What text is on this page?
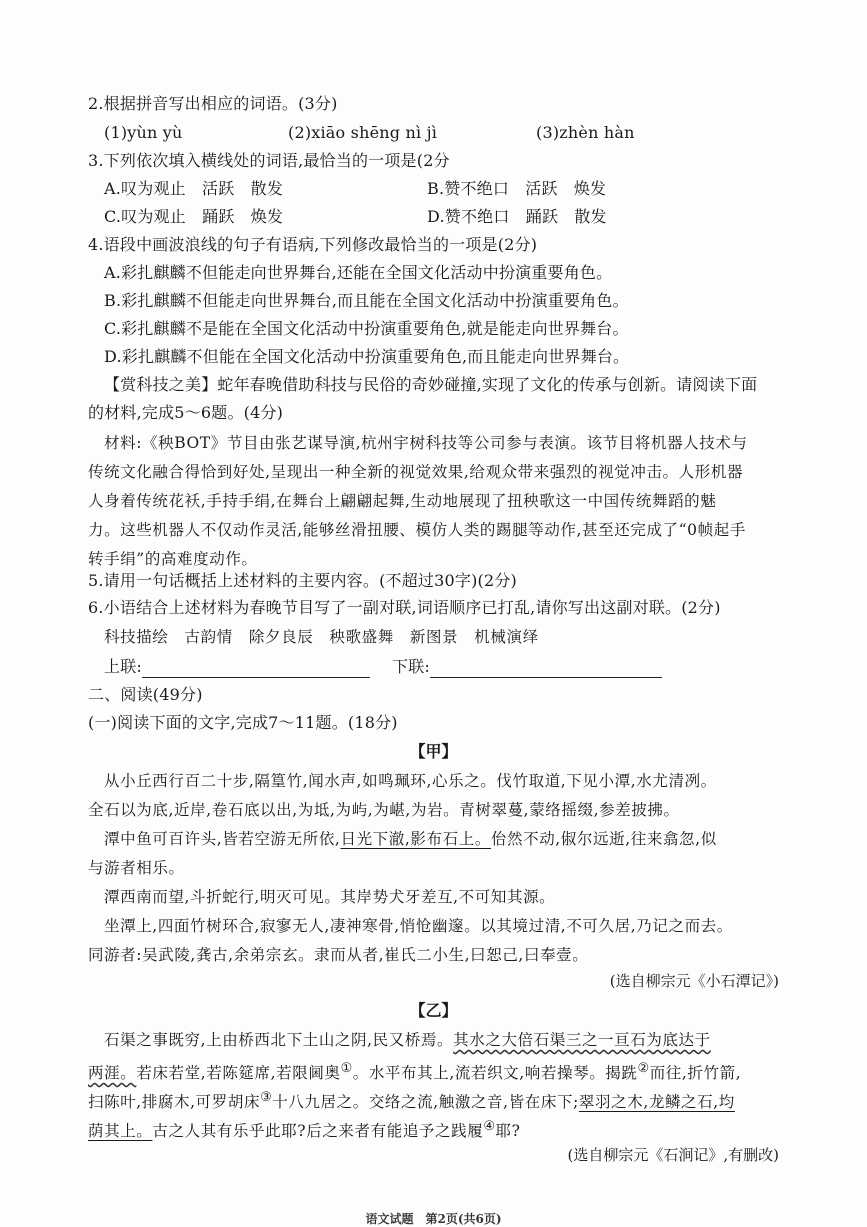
2.根据拼音写出相应的词语。(3分)
(1)yùn yù	(2)xiāo shēng nì jì	(3)zhèn hàn
3.下列依次填入横线处的词语,最恰当的一项是(2分
A.叹为观止　活跃　散发	B.赞不绝口　活跃　焕发
C.叹为观止　踊跃　焕发	D.赞不绝口　踊跃　散发
4.语段中画波浪线的句子有语病,下列修改最恰当的一项是(2分)
A.彩扎麒麟不但能走向世界舞台,还能在全国文化活动中扮演重要角色。
B.彩扎麒麟不但能走向世界舞台,而且能在全国文化活动中扮演重要角色。
C.彩扎麒麟不是能在全国文化活动中扮演重要角色,就是能走向世界舞台。
D.彩扎麒麟不但能在全国文化活动中扮演重要角色,而且能走向世界舞台。
【赏科技之美】蛇年春晚借助科技与民俗的奇妙碰撞,实现了文化的传承与创新。请阅读下面
的材料,完成5～6题。(4分)
材料:《秧BOT》节目由张艺谋导演,杭州宇树科技等公司参与表演。该节目将机器人技术与
传统文化融合得恰到好处,呈现出一种全新的视觉效果,给观众带来强烈的视觉冲击。人形机器
人身着传统花袄,手持手绢,在舞台上翩翩起舞,生动地展现了扭秧歌这一中国传统舞蹈的魅
力。这些机器人不仅动作灵活,能够丝滑扭腰、模仿人类的踢腿等动作,甚至还完成了“0帧起手
转手绢”的高难度动作。
5.请用一句话概括上述材料的主要内容。(不超过30字)(2分)
6.小语结合上述材料为春晚节目写了一副对联,词语顺序已打乱,请你写出这副对联。(2分)
科技描绘　古韵情　除夕良辰　秧歌盛舞　新图景　机械演绎
上联:	下联:
二、阅读(49分)
(一)阅读下面的文字,完成7～11题。(18分)
【甲】
从小丘西行百二十步,隔篁竹,闻水声,如鸣珮环,心乐之。伐竹取道,下见小潭,水尤清冽。
全石以为底,近岸,卷石底以出,为坻,为屿,为嵁,为岩。青树翠蔓,蒙络摇缀,参差披拂。
潭中鱼可百许头,皆若空游无所依,日光下澈,影布石上。佁然不动,俶尔远逝,往来翕忽,似
与游者相乐。
潭西南而望,斗折蛇行,明灭可见。其岸势犬牙差互,不可知其源。
坐潭上,四面竹树环合,寂寥无人,凄神寒骨,悄怆幽邃。以其境过清,不可久居,乃记之而去。
同游者:吴武陵,龚古,余弟宗玄。隶而从者,崔氏二小生,曰恕己,曰奉壹。
(选自柳宗元《小石潭记》)
【乙】
石渠之事既穷,上由桥西北下土山之阴,民又桥焉。其水之大倍石渠三之一亘石为底达于
两涯。若床若堂,若陈筵席,若限阃奥①。水平布其上,流若织文,响若操琴。揭跣②而往,折竹箭,
扫陈叶,排腐木,可罗胡床③十八九居之。交络之流,触激之音,皆在床下;翠羽之木,龙鳞之石,均
荫其上。古之人其有乐乎此耶?后之来者有能追予之践履④耶?
(选自柳宗元《石涧记》,有删改)
语文试题　第2页(共6页)
